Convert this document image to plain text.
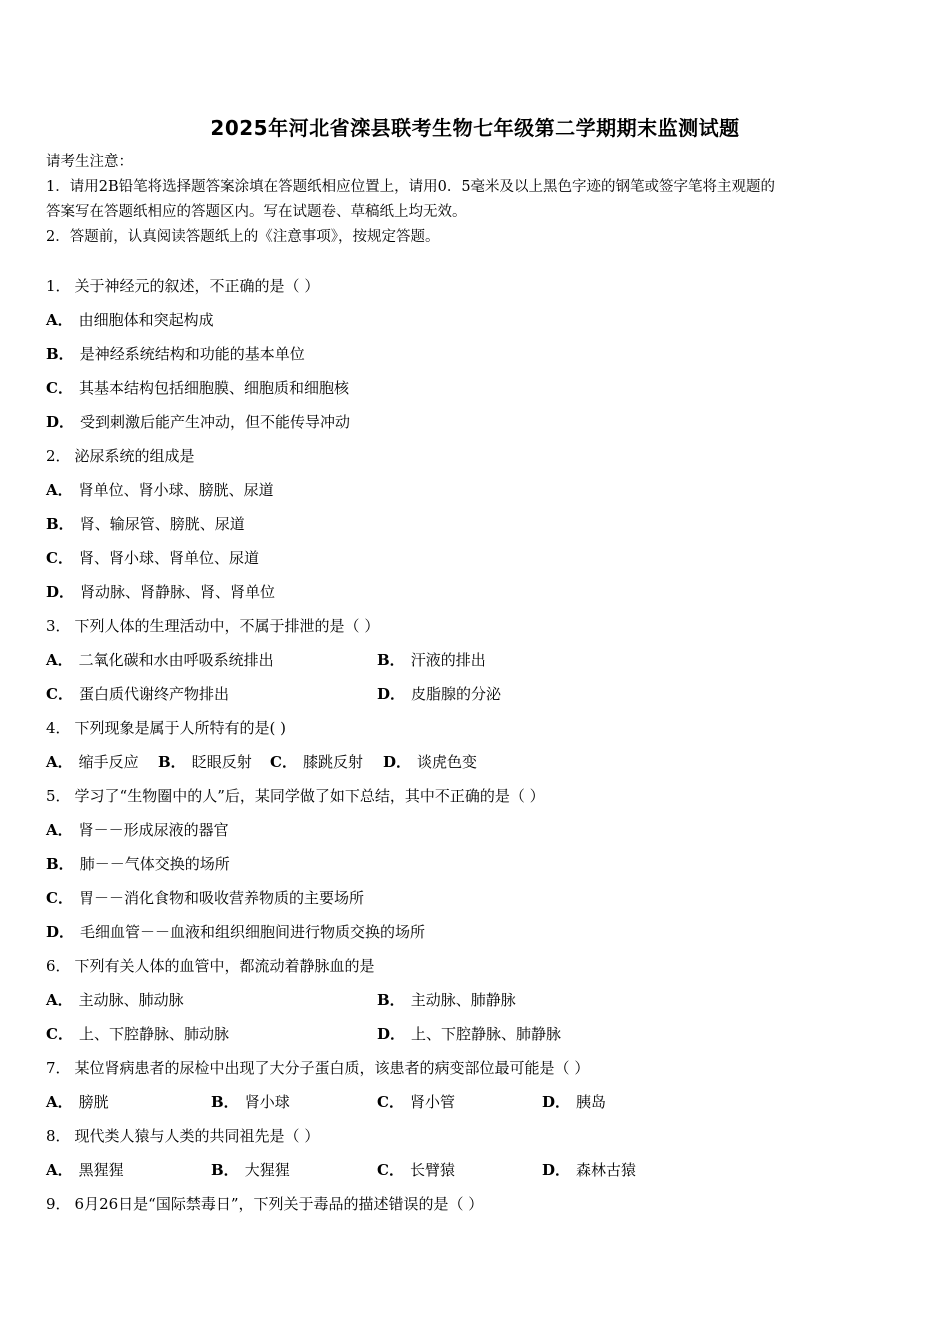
2025年河北省滦县联考生物七年级第二学期期末监测试题
请考生注意：
1．请用2B铅笔将选择题答案涂填在答题纸相应位置上，请用0．5毫米及以上黑色字迹的钢笔或签字笔将主观题的
答案写在答题纸相应的答题区内。写在试题卷、草稿纸上均无效。
2．答题前，认真阅读答题纸上的《注意事项》，按规定答题。
1． 关于神经元的叙述，不正确的是（ ）
A． 由细胞体和突起构成
B． 是神经系统结构和功能的基本单位
C． 其基本结构包括细胞膜、细胞质和细胞核
D． 受到刺激后能产生冲动，但不能传导冲动
2． 泌尿系统的组成是
A． 肾单位、肾小球、膀胱、尿道
B． 肾、输尿管、膀胱、尿道
C． 肾、肾小球、肾单位、尿道
D． 肾动脉、肾静脉、肾、肾单位
3． 下列人体的生理活动中，不属于排泄的是（ ）
A． 二氧化碳和水由呼吸系统排出	B． 汗液的排出
C． 蛋白质代谢终产物排出	D． 皮脂腺的分泌
4． 下列现象是属于人所特有的是( )
A． 缩手反应 B． 眨眼反射 C． 膝跳反射 D． 谈虎色变
5． 学习了“生物圈中的人”后，某同学做了如下总结，其中不正确的是（ ）
A． 肾－－形成尿液的器官
B． 肺－－气体交换的场所
C． 胃－－消化食物和吸收营养物质的主要场所
D． 毛细血管－－血液和组织细胞间进行物质交换的场所
6． 下列有关人体的血管中，都流动着静脉血的是
A． 主动脉、肺动脉	B． 主动脉、肺静脉
C． 上、下腔静脉、肺动脉	D． 上、下腔静脉、肺静脉
7． 某位肾病患者的尿检中出现了大分子蛋白质，该患者的病变部位最可能是（ ）
A． 膀胱	B． 肾小球	C． 肾小管	D． 胰岛
8． 现代类人猿与人类的共同祖先是（ ）
A． 黑猩猩	B． 大猩猩	C． 长臂猿	D． 森林古猿
9． 6月26日是“国际禁毒日”，下列关于毒品的描述错误的是（ ）
